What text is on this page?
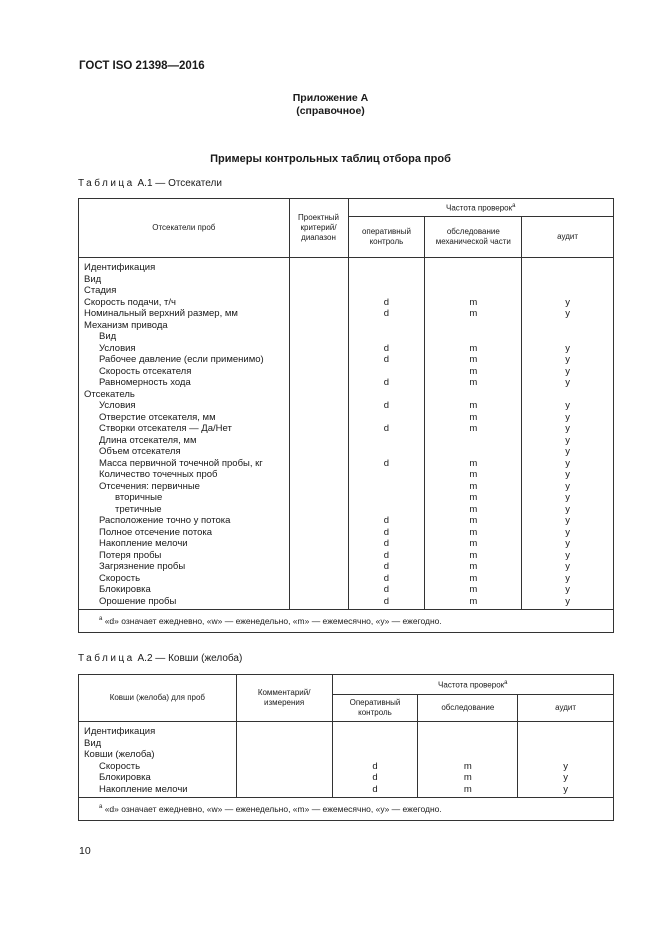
ГОСТ ISO 21398—2016
Приложение А
(справочное)
Примеры контрольных таблиц отбора проб
Таблица А.1 — Отсекатели
Отсекатели проб	Проектный критерий/ диапазон	Частота проверок$^a$
		оперативный контроль	обследование механической части	аудит
Идентификация				
Вид				
Стадия				
Скорость подачи, т/ч		d	m	y
Номинальный верхний размер, мм		d	m	y
Механизм привода				
Вид				
Условия		d	m	y
Рабочее давление (если применимо)		d	m	y
Скорость отсекателя			m	y
Равномерность хода		d	m	y
Отсекатель				
Условия		d	m	y
Отверстие отсекателя, мм			m	y
Створки отсекателя — Да/Нет		d	m	y
Длина отсекателя, мм				y
Объем отсекателя				y
Масса первичной точечной пробы, кг		d	m	y
Количество точечных проб			m	y
Отсечения: первичные			m	y
вторичные			m	y
третичные			m	y
Расположение точно у потока		d	m	y
Полное отсечение потока		d	m	y
Накопление мелочи		d	m	y
Потеря пробы		d	m	y
Загрязнение пробы		d	m	y
Скорость		d	m	y
Блокировка		d	m	y
Орошение пробы		d	m	y
$^a$ «d» означает ежедневно, «w» — еженедельно, «m» — ежемесячно, «y» — ежегодно.				
Таблица А.2 — Ковши (желоба)
Ковши (желоба) для проб	Комментарий/ измерения	Частота проверок$^a$
		Оперативный контроль	обследование	аудит
Идентификация				
Вид				
Ковши (желоба)				
Скорость		d	m	y
Блокировка		d	m	y
Накопление мелочи		d	m	y
$^a$ «d» означает ежедневно, «w» — еженедельно, «m» — ежемесячно, «y» — ежегодно.				
10
